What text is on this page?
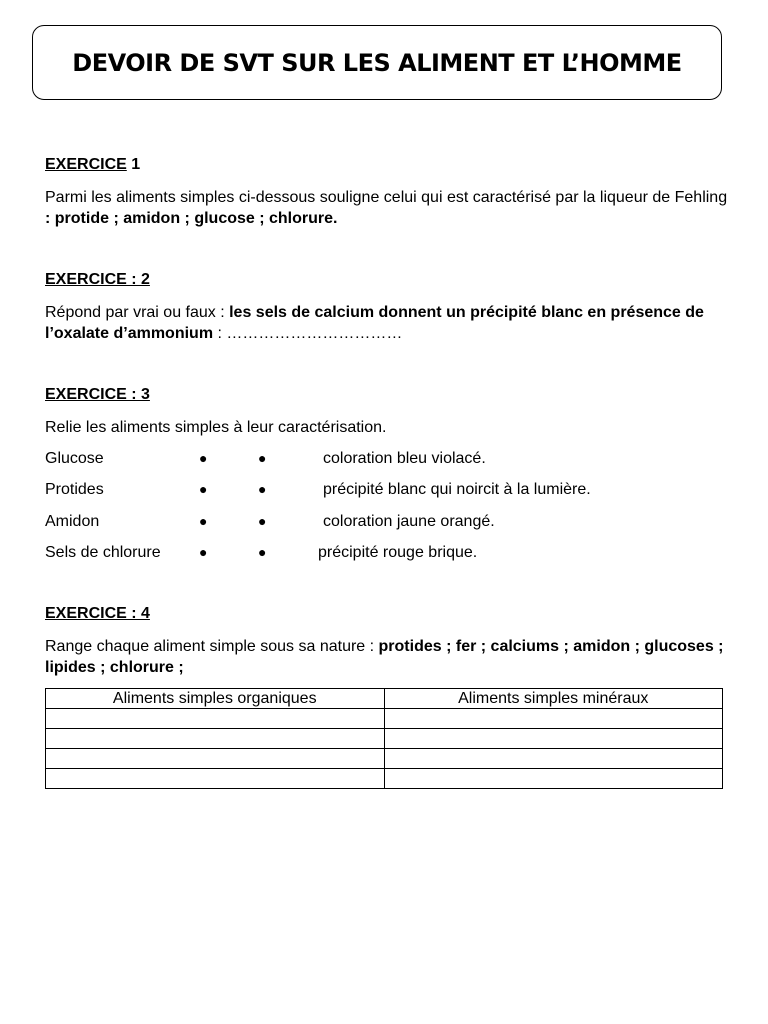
DEVOIR DE SVT SUR LES ALIMENT ET L’HOMME

EXERCICE 1

Parmi les aliments simples ci-dessous souligne celui qui est caractérisé par la liqueur de Fehling : protide ; amidon ; glucose ; chlorure.

EXERCICE : 2

Répond par vrai ou faux : les sels de calcium donnent un précipité blanc en présence de l’oxalate d’ammonium : ……………………………

EXERCICE : 3

Relie les aliments simples à leur caractérisation.

Glucose	●	●	coloration bleu violacé.
Protides	●	●	précipité blanc qui noircit à la lumière.
Amidon	●	●	coloration jaune orangé.
Sels de chlorure	●	●	précipité rouge brique.

EXERCICE : 4

Range chaque aliment simple sous sa nature : protides ; fer ; calciums ; amidon ; glucoses ; lipides ; chlorure ;

Aliments simples organiques	Aliments simples minéraux
